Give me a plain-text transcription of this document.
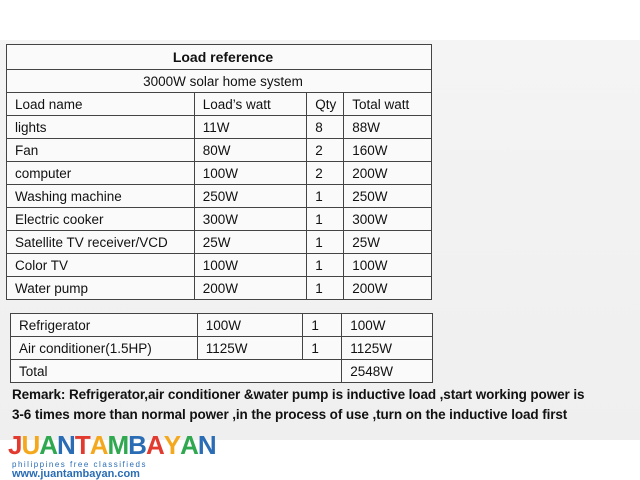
Load reference			
3000W solar home system			
Load name	Load’s watt	Qty	Total watt
lights	11W	8	88W
Fan	80W	2	160W
computer	100W	2	200W
Washing machine	250W	1	250W
Electric cooker	300W	1	300W
Satellite TV receiver/VCD	25W	1	25W
Color TV	100W	1	100W
Water pump	200W	1	200W
Refrigerator	100W	1	100W
Air conditioner(1.5HP)	1125W	1	1125W
Total			2548W

Remark: Refrigerator,air conditioner &water pump is inductive load ,start working power is

3-6 times more than normal power ,in the process of use ,turn on the inductive load first

JUANTAMBAYAN
philippines free classifieds
www.juantambayan.com
